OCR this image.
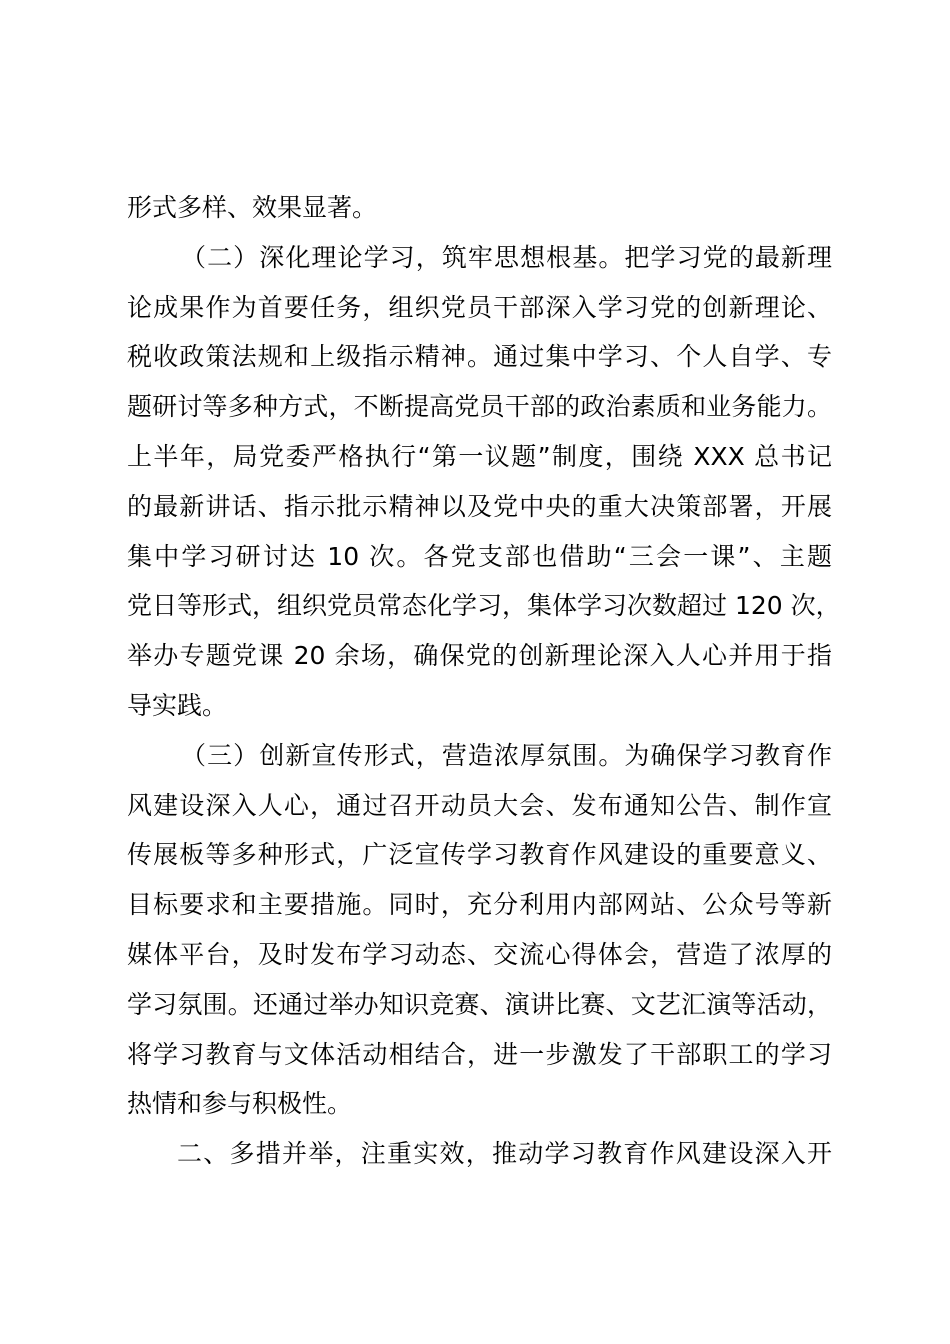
形式多样、效果显著。
（二）深化理论学习，筑牢思想根基。把学习党的最新理
论成果作为首要任务，组织党员干部深入学习党的创新理论、
税收政策法规和上级指示精神。通过集中学习、个人自学、专
题研讨等多种方式，不断提高党员干部的政治素质和业务能力。
上半年，局党委严格执行“第一议题”制度，围绕 XXX 总书记
的最新讲话、指示批示精神以及党中央的重大决策部署，开展
集中学习研讨达 10 次。各党支部也借助“三会一课”、主题
党日等形式，组织党员常态化学习，集体学习次数超过 120 次，
举办专题党课 20 余场，确保党的创新理论深入人心并用于指
导实践。
（三）创新宣传形式，营造浓厚氛围。为确保学习教育作
风建设深入人心，通过召开动员大会、发布通知公告、制作宣
传展板等多种形式，广泛宣传学习教育作风建设的重要意义、
目标要求和主要措施。同时，充分利用内部网站、公众号等新
媒体平台，及时发布学习动态、交流心得体会，营造了浓厚的
学习氛围。还通过举办知识竞赛、演讲比赛、文艺汇演等活动，
将学习教育与文体活动相结合，进一步激发了干部职工的学习
热情和参与积极性。
二、多措并举，注重实效，推动学习教育作风建设深入开
